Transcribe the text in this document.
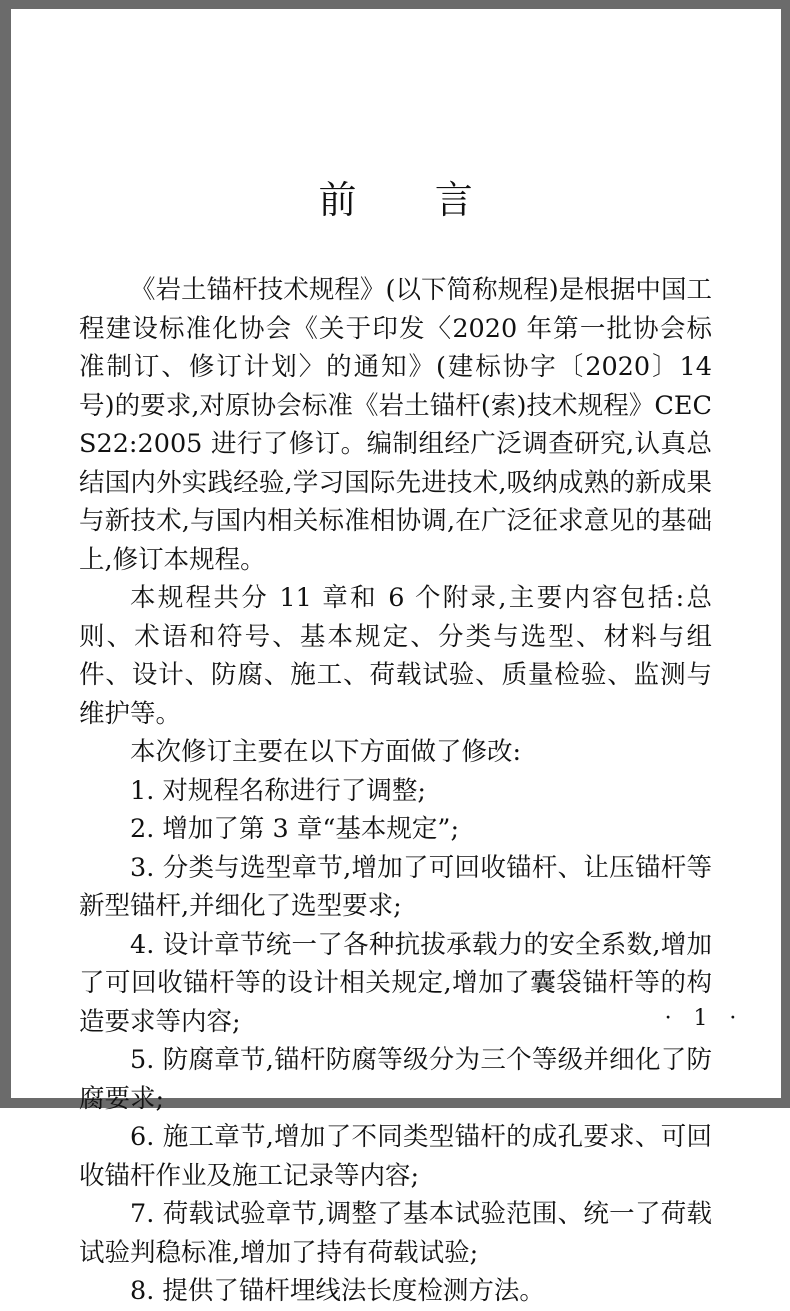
前　　言

《岩土锚杆技术规程》(以下简称规程)是根据中国工程建设标准化协会《关于印发〈2020 年第一批协会标准制订、修订计划〉的通知》(建标协字〔2020〕14 号)的要求,对原协会标准《岩土锚杆(索)技术规程》CECS22:2005 进行了修订。编制组经广泛调查研究,认真总结国内外实践经验,学习国际先进技术,吸纳成熟的新成果与新技术,与国内相关标准相协调,在广泛征求意见的基础上,修订本规程。

本规程共分 11 章和 6 个附录,主要内容包括:总则、术语和符号、基本规定、分类与选型、材料与组件、设计、防腐、施工、荷载试验、质量检验、监测与维护等。

本次修订主要在以下方面做了修改:

1. 对规程名称进行了调整;

2. 增加了第 3 章“基本规定”;

3. 分类与选型章节,增加了可回收锚杆、让压锚杆等新型锚杆,并细化了选型要求;

4. 设计章节统一了各种抗拔承载力的安全系数,增加了可回收锚杆等的设计相关规定,增加了囊袋锚杆等的构造要求等内容;

5. 防腐章节,锚杆防腐等级分为三个等级并细化了防腐要求;

6. 施工章节,增加了不同类型锚杆的成孔要求、可回收锚杆作业及施工记录等内容;

7. 荷载试验章节,调整了基本试验范围、统一了荷载试验判稳标准,增加了持有荷载试验;

8. 提供了锚杆埋线法长度检测方法。

·  1  ·
